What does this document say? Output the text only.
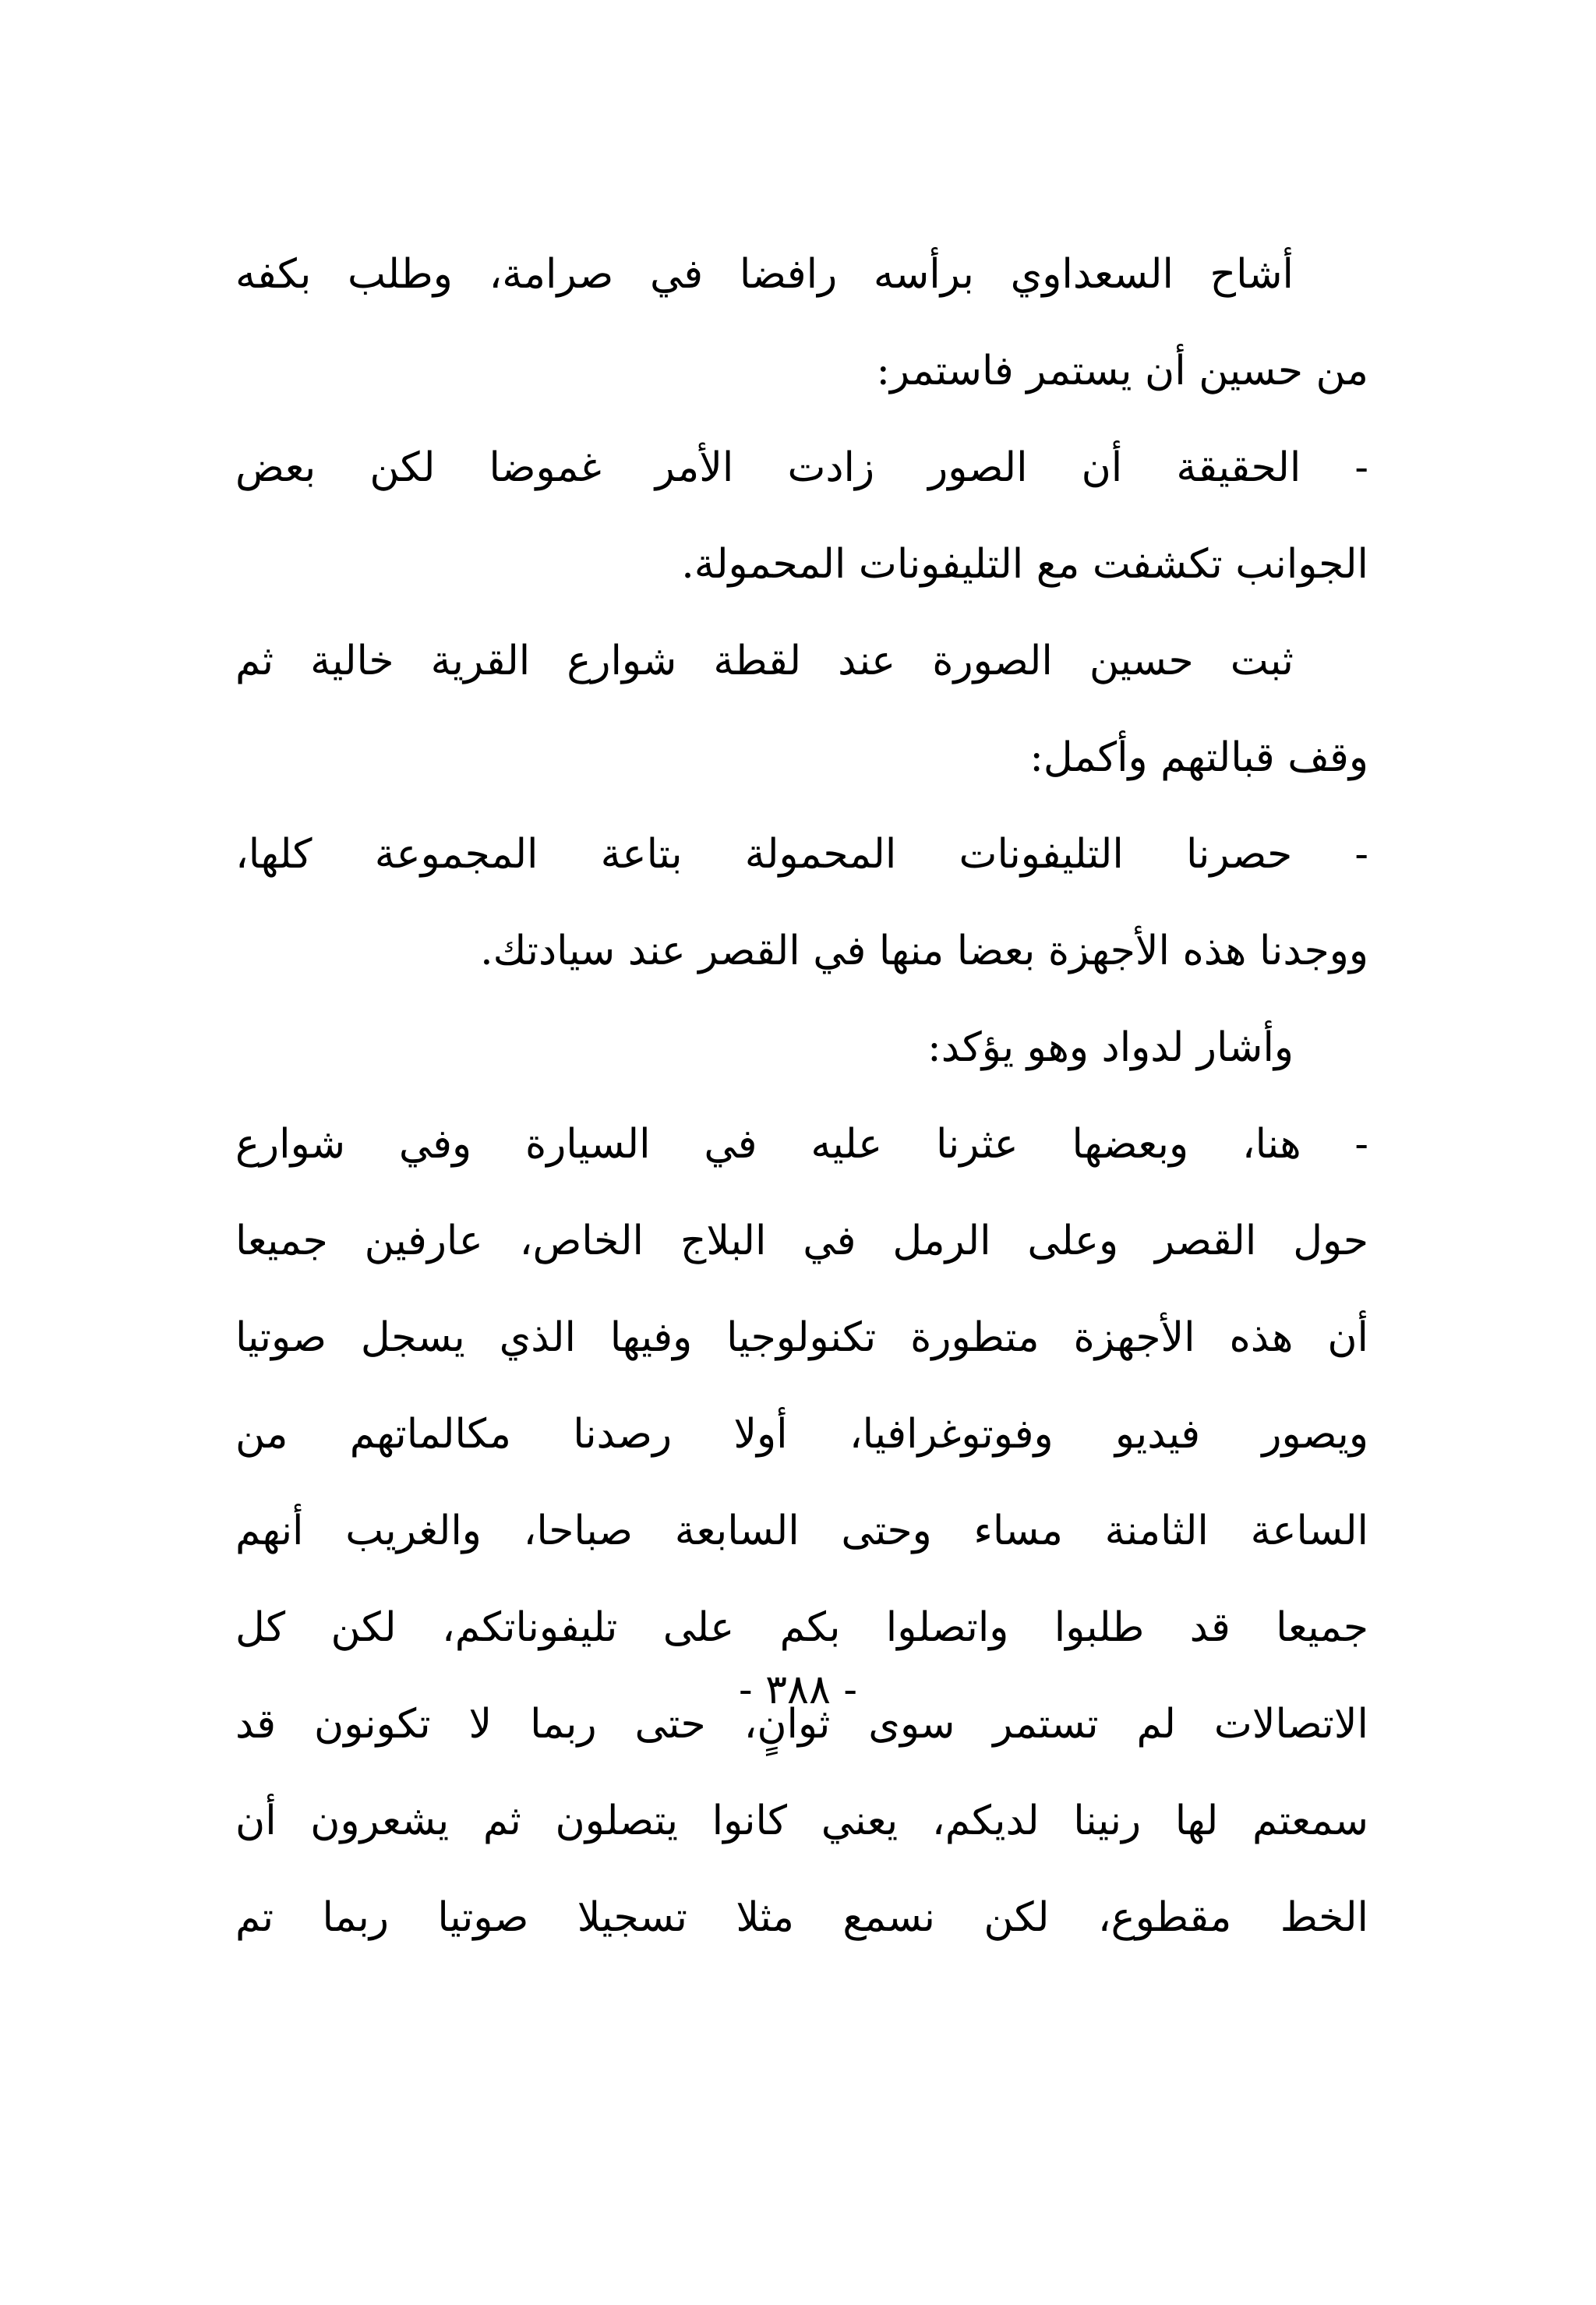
أشاح السعداوي برأسه رافضا في صرامة، وطلب بكفه
من حسين أن يستمر فاستمر:
- الحقيقة أن الصور زادت الأمر غموضا لكن بعض
الجوانب تكشفت مع التليفونات المحمولة.
ثبت حسين الصورة عند لقطة شوارع القرية خالية ثم
وقف قبالتهم وأكمل:
- حصرنا التليفونات المحمولة بتاعة المجموعة كلها،
ووجدنا هذه الأجهزة بعضا منها في القصر عند سيادتك.
وأشار لدواد وهو يؤكد:
- هنا، وبعضها عثرنا عليه في السيارة وفي شوارع
حول القصر وعلى الرمل في البلاج الخاص، عارفين جميعا
أن هذه الأجهزة متطورة تكنولوجيا وفيها الذي يسجل صوتيا
ويصور فيديو وفوتوغرافيا، أولا رصدنا مكالماتهم من
الساعة الثامنة مساء وحتى السابعة صباحا، والغريب أنهم
جميعا قد طلبوا واتصلوا بكم على تليفوناتكم، لكن كل
الاتصالات لم تستمر سوى ثوانٍ، حتى ربما لا تكونون قد
سمعتم لها رنينا لديكم، يعني كانوا يتصلون ثم يشعرون أن
الخط مقطوع، لكن نسمع مثلا تسجيلا صوتيا ربما تم
- ٣٨٨ -
